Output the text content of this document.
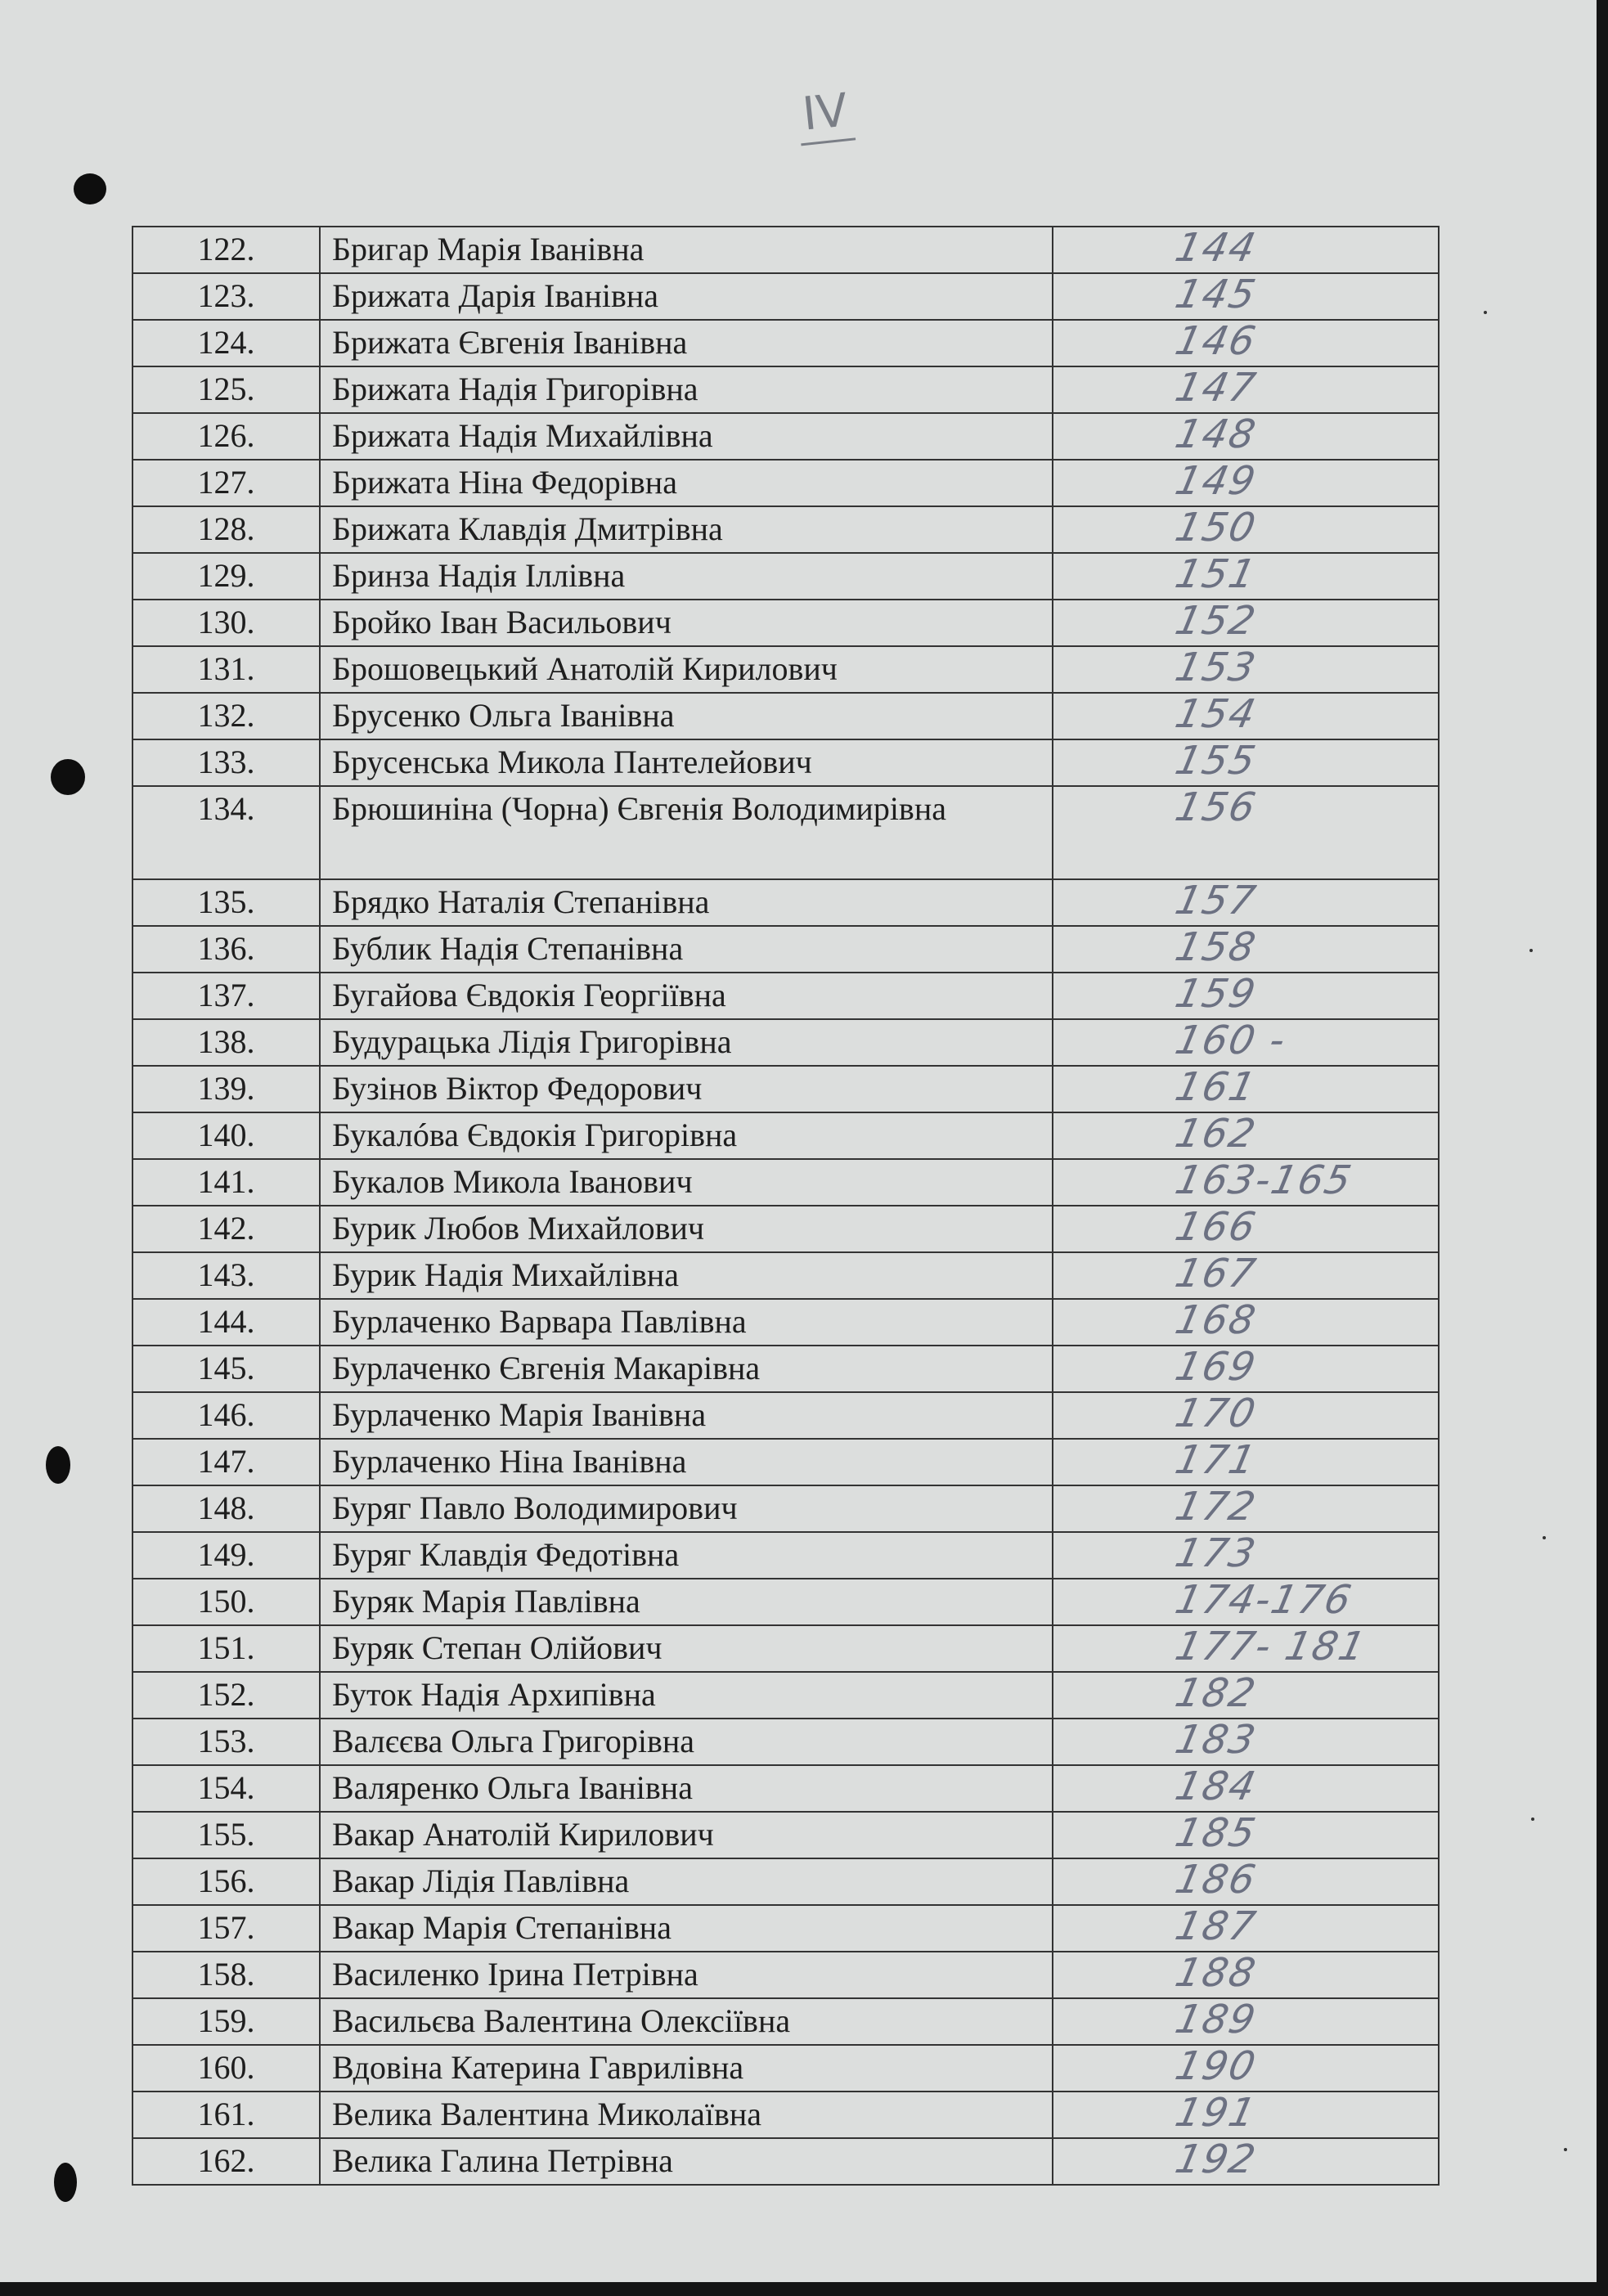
IV
122.	Бригар Марія Іванівна	144
123.	Брижата Дарія Іванівна	145
124.	Брижата Євгенія Іванівна	146
125.	Брижата Надія Григорівна	147
126.	Брижата Надія Михайлівна	148
127.	Брижата Ніна Федорівна	149
128.	Брижата Клавдія Дмитрівна	150
129.	Бринза Надія Іллівна	151
130.	Бройко Іван Васильович	152
131.	Брошовецький Анатолій Кирилович	153
132.	Брусенко Ольга Іванівна	154
133.	Брусенська Микола Пантелейович	155
134.	Брюшиніна (Чорна) Євгенія Володимирівна	156
135.	Брядко Наталія Степанівна	157
136.	Бублик Надія Степанівна	158
137.	Бугайова Євдокія Георгіївна	159
138.	Будурацька Лідія Григорівна	160 -
139.	Бузінов Віктор Федорович	161
140.	Букалóва Євдокія Григорівна	162
141.	Букалов Микола Іванович	163-165
142.	Бурик Любов Михайлович	166
143.	Бурик Надія Михайлівна	167
144.	Бурлаченко Варвара Павлівна	168
145.	Бурлаченко Євгенія Макарівна	169
146.	Бурлаченко Марія Іванівна	170
147.	Бурлаченко Ніна Іванівна	171
148.	Буряг Павло Володимирович	172
149.	Буряг Клавдія Федотівна	173
150.	Буряк Марія Павлівна	174-176
151.	Буряк Степан Олійович	177- 181
152.	Буток Надія Архипівна	182
153.	Валєєва Ольга Григорівна	183
154.	Валяренко Ольга Іванівна	184
155.	Вакар Анатолій Кирилович	185
156.	Вакар Лідія Павлівна	186
157.	Вакар Марія Степанівна	187
158.	Василенко Ірина Петрівна	188
159.	Васильєва Валентина Олексіївна	189
160.	Вдовіна Катерина Гаврилівна	190
161.	Велика Валентина Миколаївна	191
162.	Велика Галина Петрівна	192
